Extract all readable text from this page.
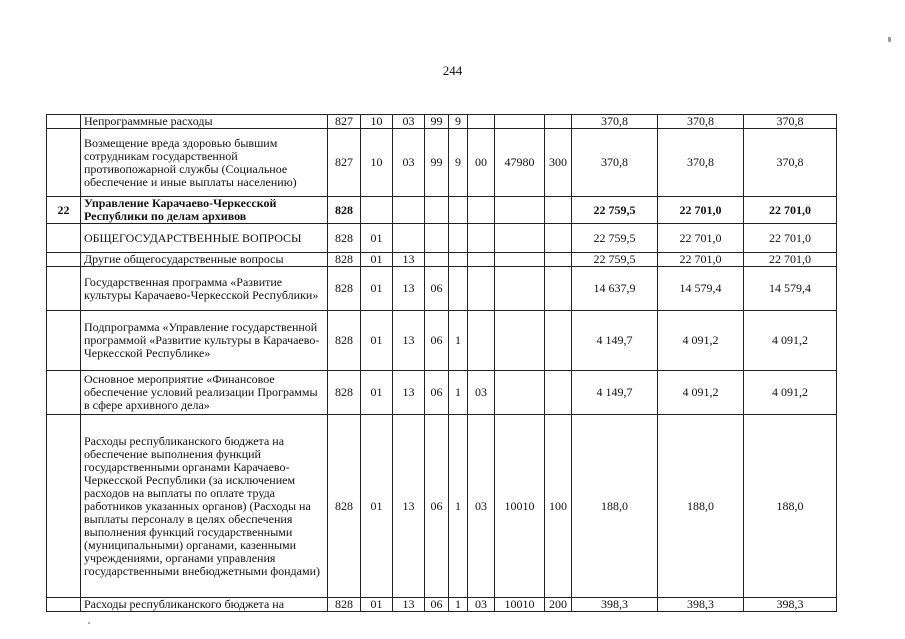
244
	Непрограммные расходы	827	10	03	99	9				370,8	370,8	370,8
	Возмещение вреда здоровью бывшим сотрудникам государственной противопожарной службы (Социальное обеспечение и иные выплаты населению)	827	10	03	99	9	00	47980	300	370,8	370,8	370,8
22	Управление Карачаево-Черкесской Республики по делам архивов	828								22 759,5	22 701,0	22 701,0
	ОБЩЕГОСУДАРСТВЕННЫЕ ВОПРОСЫ	828	01							22 759,5	22 701,0	22 701,0
	Другие общегосударственные вопросы	828	01	13						22 759,5	22 701,0	22 701,0
	Государственная программа «Развитие культуры Карачаево-Черкесской Республики»	828	01	13	06					14 637,9	14 579,4	14 579,4
	Подпрограмма «Управление государственной программой «Развитие культуры в Карачаево-Черкесской Республике»	828	01	13	06	1				4 149,7	4 091,2	4 091,2
	Основное мероприятие «Финансовое обеспечение условий реализации Программы в сфере архивного дела»	828	01	13	06	1	03			4 149,7	4 091,2	4 091,2
	Расходы республиканского бюджета на обеспечение выполнения функций государственными органами Карачаево-Черкесской Республики (за исключением расходов на выплаты по оплате труда работников указанных органов) (Расходы на выплаты персоналу в целях обеспечения выполнения функций государственными (муниципальными) органами, казенными учреждениями, органами управления государственными внебюджетными фондами)	828	01	13	06	1	03	10010	100	188,0	188,0	188,0
	Расходы республиканского бюджета на	828	01	13	06	1	03	10010	200	398,3	398,3	398,3
